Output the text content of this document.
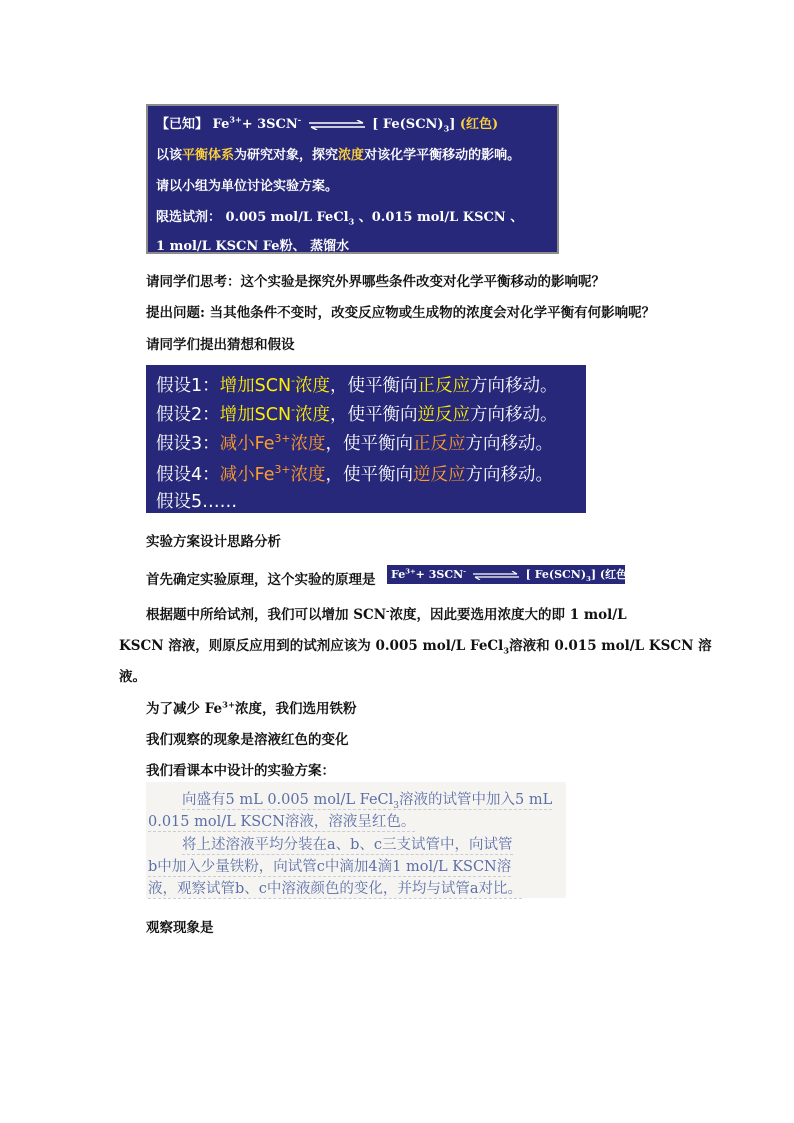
【已知】 $Fe^{3+}+ 3SCN^-$	[ $Fe(SCN)_3$] (红色)
以该平衡体系为研究对象，探究浓度对该化学平衡移动的影响。
请以小组为单位讨论实验方案。
限选试剂： 0.005 mol/L FeCl$_3$ 、0.015 mol/L KSCN 、
1 mol/L KSCN Fe粉、 蒸馏水
请同学们思考：这个实验是探究外界哪些条件改变对化学平衡移动的影响呢？
提出问题: 当其他条件不变时，改变反应物或生成物的浓度会对化学平衡有何影响呢？
请同学们提出猜想和假设
假设1：增加SCN-浓度，使平衡向正反应方向移动。
假设2：增加SCN-浓度，使平衡向逆反应方向移动。
假设3：减小$Fe^{3+}$浓度，使平衡向正反应方向移动。
假设4：减小$Fe^{3+}$浓度，使平衡向逆反应方向移动。
假设5……
实验方案设计思路分析
首先确定实验原理，这个实验的原理是	$Fe^{3+}+ 3SCN^-$	[ $Fe(SCN)_3$] (红色)
根据题中所给试剂，我们可以增加 SCN-浓度，因此要选用浓度大的即 1 mol/L
KSCN 溶液，则原反应用到的试剂应该为 0.005 mol/L FeCl$_3$溶液和 0.015 mol/L KSCN 溶
液。
为了减少 $Fe^{3+}$浓度，我们选用铁粉
我们观察的现象是溶液红色的变化
我们看课本中设计的实验方案：
向盛有5 mL 0.005 mol/L FeCl$_3$溶液的试管中加入5 mL
0.015 mol/L KSCN溶液，溶液呈红色。
将上述溶液平均分装在a、b、c三支试管中，向试管
b中加入少量铁粉，向试管c中滴加4滴1 mol/L KSCN溶
液，观察试管b、c中溶液颜色的变化，并均与试管a对比。
观察现象是
